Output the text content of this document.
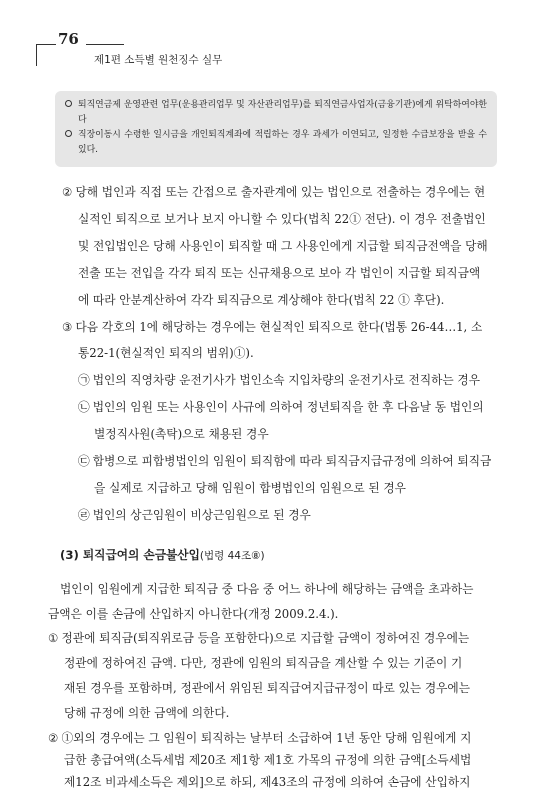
76
제1편 소득별 원천징수 실무
퇴직연금제 운영관련 업무(운용관리업무 및 자산관리업무)를 퇴직연금사업자(금융기관)에게 위탁하여야한다
직장이동시 수령한 일시금을 개인퇴직계좌에 적립하는 경우 과세가 이연되고, 일정한 수급보장을 받을 수 있다.
② 당해 법인과 직접 또는 간접으로 출자관계에 있는 법인으로 전출하는 경우에는 현
실적인 퇴직으로 보거나 보지 아니할 수 있다(법칙 22① 전단). 이 경우 전출법인
및 전입법인은 당해 사용인이 퇴직할 때 그 사용인에게 지급할 퇴직금전액을 당해
전출 또는 전입을 각각 퇴직 또는 신규채용으로 보아 각 법인이 지급할 퇴직금액
에 따라 안분계산하여 각각 퇴직금으로 계상해야 한다(법칙 22 ① 후단).
③ 다음 각호의 1에 해당하는 경우에는 현실적인 퇴직으로 한다(법통 26-44…1, 소
통22-1(현실적인 퇴직의 범위)①).
㉠ 법인의 직영차량 운전기사가 법인소속 지입차량의 운전기사로 전직하는 경우
㉡ 법인의 임원 또는 사용인이 사규에 의하여 정년퇴직을 한 후 다음날 동 법인의
별정직사원(촉탁)으로 채용된 경우
㉢ 합병으로 피합병법인의 임원이 퇴직함에 따라 퇴직금지급규정에 의하여 퇴직금
을 실제로 지급하고 당해 임원이 합병법인의 임원으로 된 경우
㉣ 법인의 상근임원이 비상근임원으로 된 경우
(3) 퇴직급여의 손금불산입(법령 44조⑧)
법인이 임원에게 지급한 퇴직금 중 다음 중 어느 하나에 해당하는 금액을 초과하는
금액은 이를 손금에 산입하지 아니한다(개정 2009.2.4.).
① 정관에 퇴직금(퇴직위로금 등을 포함한다)으로 지급할 금액이 정하여진 경우에는
정관에 정하여진 금액. 다만, 정관에 임원의 퇴직금을 계산할 수 있는 기준이 기
재된 경우를 포함하며, 정관에서 위임된 퇴직급여지급규정이 따로 있는 경우에는
당해 규정에 의한 금액에 의한다.
② ①외의 경우에는 그 임원이 퇴직하는 날부터 소급하여 1년 동안 당해 임원에게 지
급한 총급여액(소득세법 제20조 제1항 제1호 가목의 규정에 의한 금액[소득세법
제12조 비과세소득은 제외]으로 하되, 제43조의 규정에 의하여 손금에 산입하지
